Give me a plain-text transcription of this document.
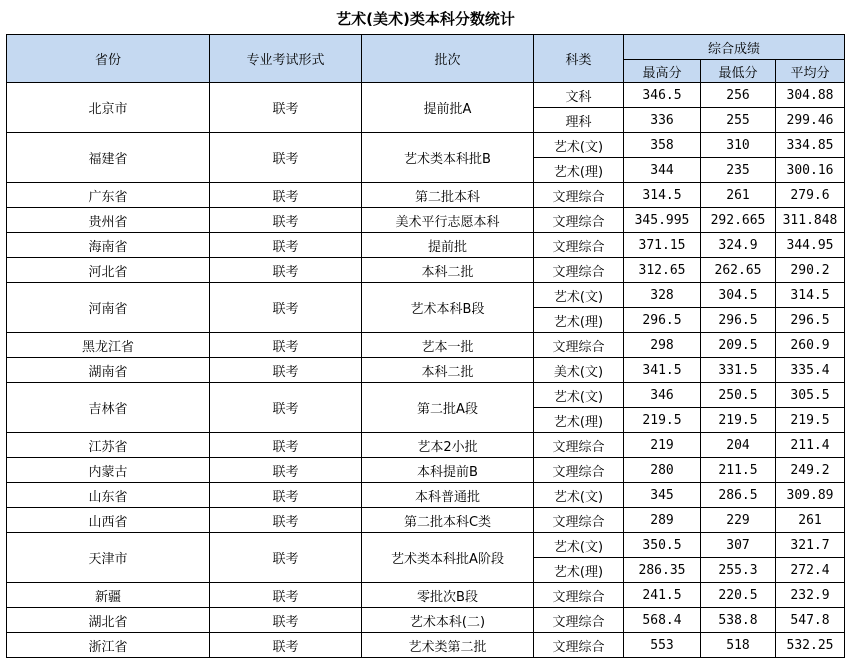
艺术(美术)类本科分数统计
省份	专业考试形式	批次	科类	综合成绩		
				最高分	最低分	平均分
北京市	联考	提前批A	文科	346.5	256	304.88
			理科	336	255	299.46
福建省	联考	艺术类本科批B	艺术(文)	358	310	334.85
			艺术(理)	344	235	300.16
广东省	联考	第二批本科	文理综合	314.5	261	279.6
贵州省	联考	美术平行志愿本科	文理综合	345.995	292.665	311.848
海南省	联考	提前批	文理综合	371.15	324.9	344.95
河北省	联考	本科二批	文理综合	312.65	262.65	290.2
河南省	联考	艺术本科B段	艺术(文)	328	304.5	314.5
			艺术(理)	296.5	296.5	296.5
黑龙江省	联考	艺本一批	文理综合	298	209.5	260.9
湖南省	联考	本科二批	美术(文)	341.5	331.5	335.4
吉林省	联考	第二批A段	艺术(文)	346	250.5	305.5
			艺术(理)	219.5	219.5	219.5
江苏省	联考	艺本2小批	文理综合	219	204	211.4
内蒙古	联考	本科提前B	文理综合	280	211.5	249.2
山东省	联考	本科普通批	艺术(文)	345	286.5	309.89
山西省	联考	第二批本科C类	文理综合	289	229	261
天津市	联考	艺术类本科批A阶段	艺术(文)	350.5	307	321.7
			艺术(理)	286.35	255.3	272.4
新疆	联考	零批次B段	文理综合	241.5	220.5	232.9
湖北省	联考	艺术本科(二)	文理综合	568.4	538.8	547.8
浙江省	联考	艺术类第二批	文理综合	553	518	532.25
